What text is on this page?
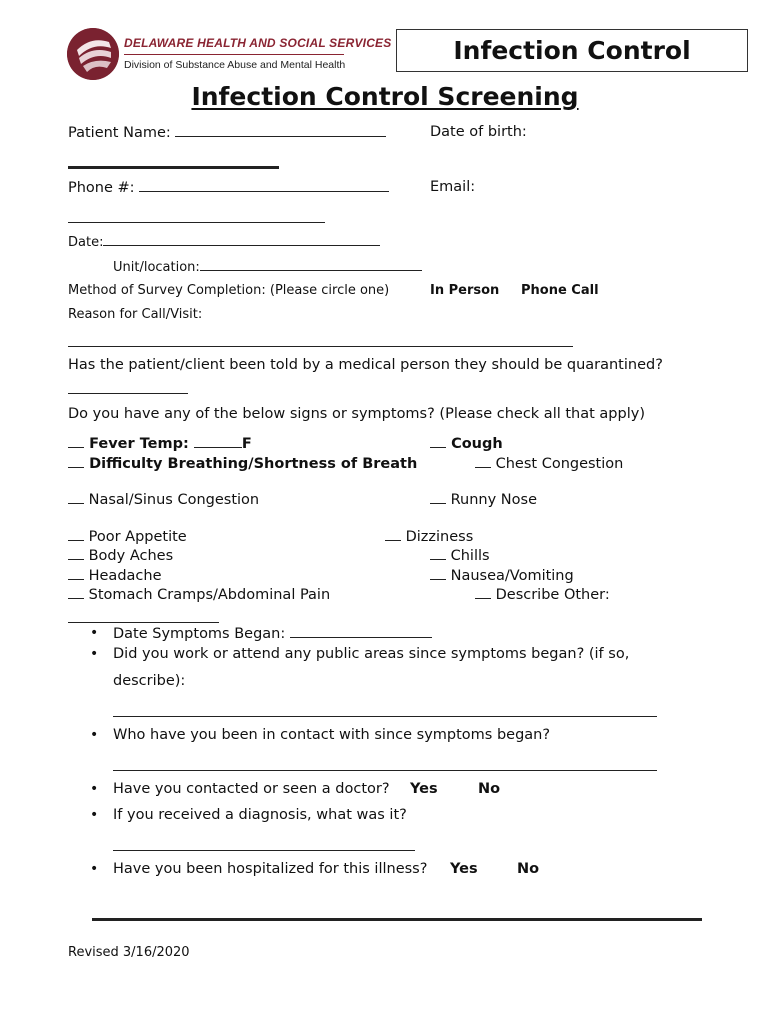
DELAWARE HEALTH AND SOCIAL SERVICES
Division of Substance Abuse and Mental Health	Infection Control
Infection Control Screening
Patient Name:	Date of birth:
Phone #:	Email:
Date:
Unit/location:
Method of Survey Completion: (Please circle one)	In Person Phone Call
Reason for Call/Visit:
Has the patient/client been told by a medical person they should be quarantined?
Do you have any of the below signs or symptoms? (Please check all that apply)
Fever Temp:	F	Cough
Difficulty Breathing/Shortness of Breath	Chest Congestion
Nasal/Sinus Congestion	Runny Nose
Poor Appetite	Dizziness
Body Aches	Chills
Headache	Nausea/Vomiting
Stomach Cramps/Abdominal Pain	Describe Other:
• Date Symptoms Began:
• Did you work or attend any public areas since symptoms began? (if so,
describe):
• Who have you been in contact with since symptoms began?
• Have you contacted or seen a doctor? Yes	No
• If you received a diagnosis, what was it?
• Have you been hospitalized for this illness? Yes	No
Revised 3/16/2020
